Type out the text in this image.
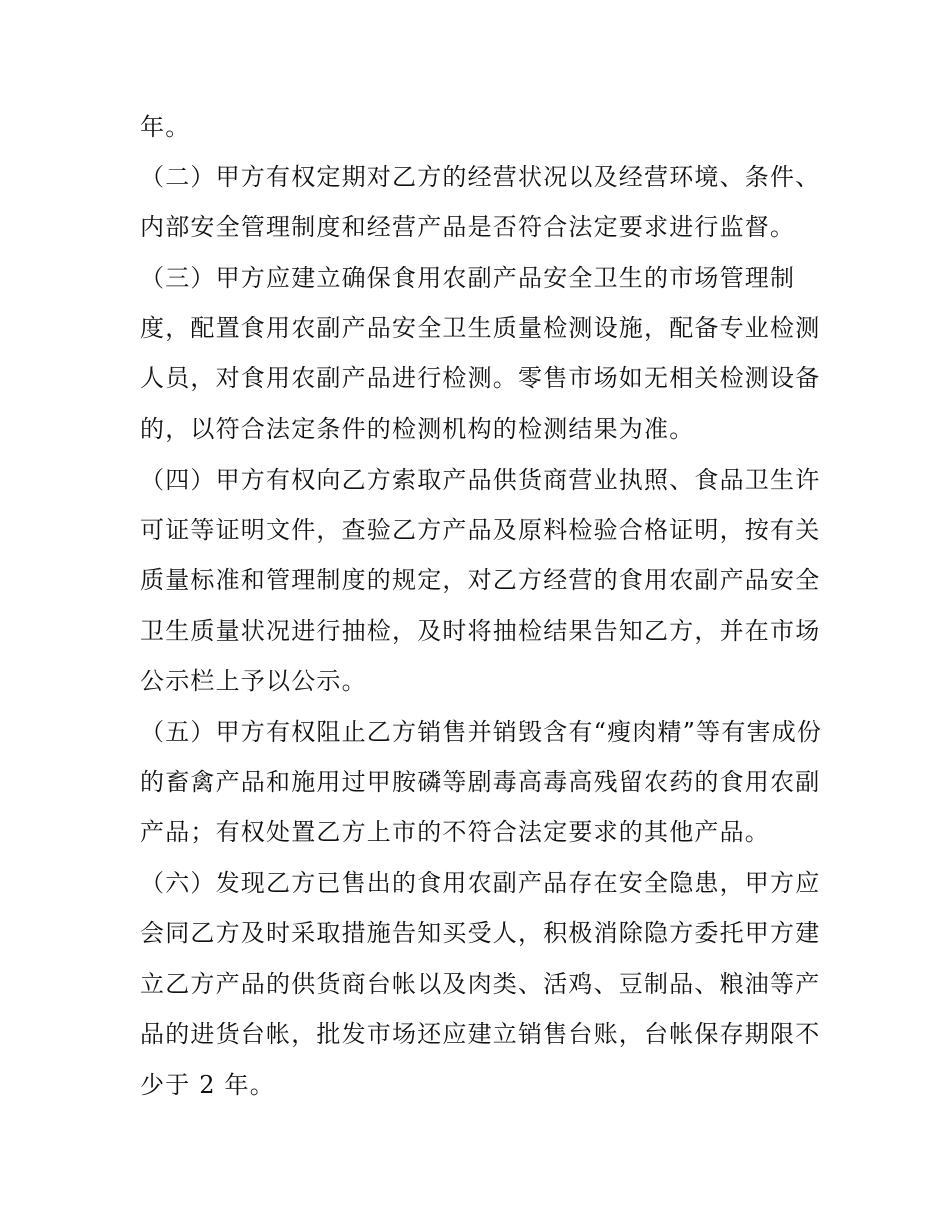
年。
（二）甲方有权定期对乙方的经营状况以及经营环境、条件、
内部安全管理制度和经营产品是否符合法定要求进行监督。
（三）甲方应建立确保食用农副产品安全卫生的市场管理制
度，配置食用农副产品安全卫生质量检测设施，配备专业检测
人员，对食用农副产品进行检测。零售市场如无相关检测设备
的，以符合法定条件的检测机构的检测结果为准。
（四）甲方有权向乙方索取产品供货商营业执照、食品卫生许
可证等证明文件，查验乙方产品及原料检验合格证明，按有关
质量标准和管理制度的规定，对乙方经营的食用农副产品安全
卫生质量状况进行抽检，及时将抽检结果告知乙方，并在市场
公示栏上予以公示。
（五）甲方有权阻止乙方销售并销毁含有“瘦肉精”等有害成份
的畜禽产品和施用过甲胺磷等剧毒高毒高残留农药的食用农副
产品；有权处置乙方上市的不符合法定要求的其他产品。
（六）发现乙方已售出的食用农副产品存在安全隐患，甲方应
会同乙方及时采取措施告知买受人，积极消除隐方委托甲方建
立乙方产品的供货商台帐以及肉类、活鸡、豆制品、粮油等产
品的进货台帐，批发市场还应建立销售台账，台帐保存期限不
少于 2 年。
